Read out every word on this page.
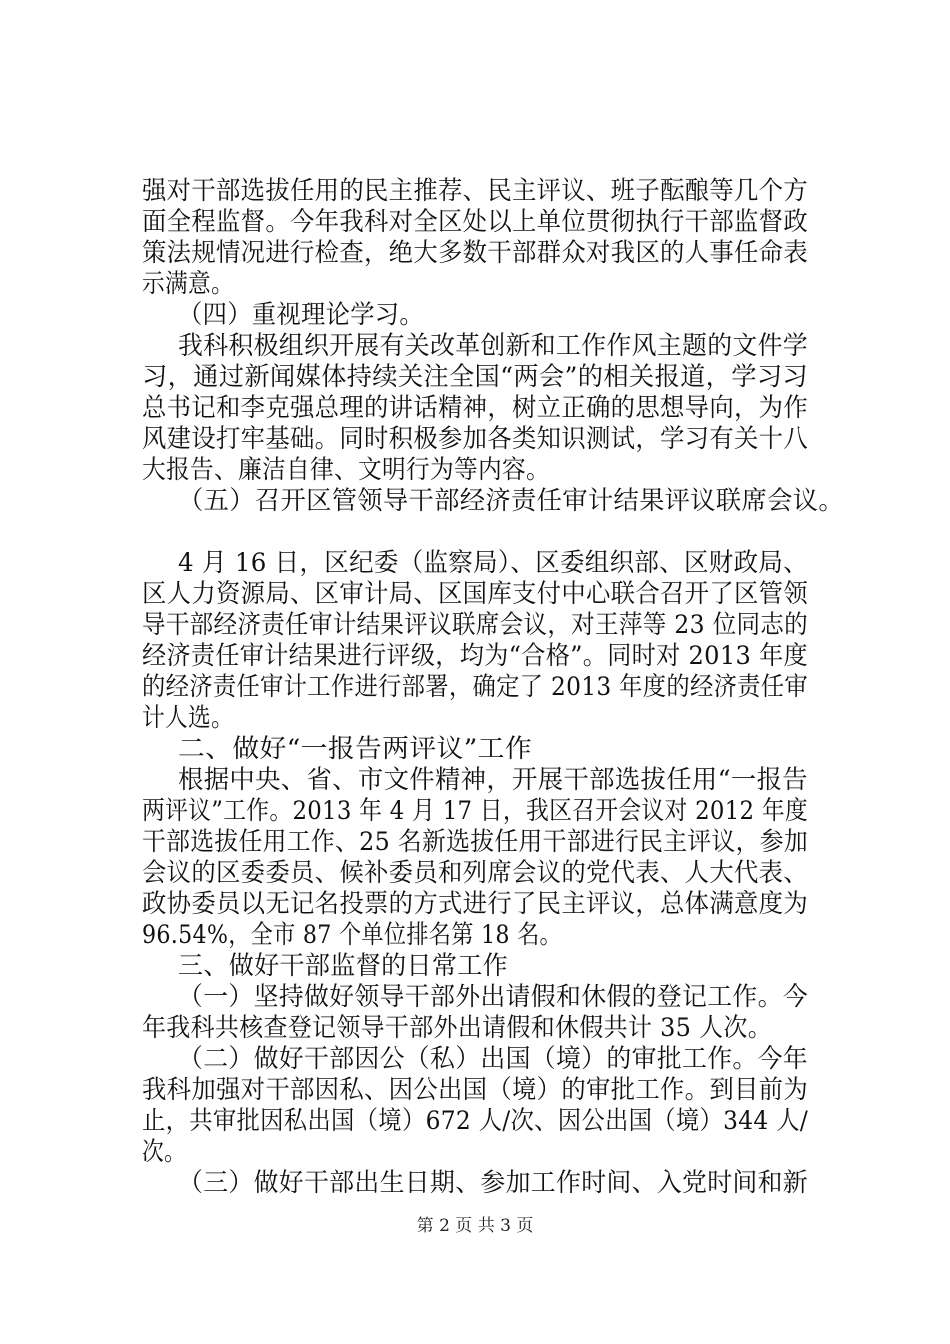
强对干部选拔任用的民主推荐、民主评议、班子酝酿等几个方
面全程监督。今年我科对全区处以上单位贯彻执行干部监督政
策法规情况进行检查，绝大多数干部群众对我区的人事任命表
示满意。
（四）重视理论学习。
我科积极组织开展有关改革创新和工作作风主题的文件学
习，通过新闻媒体持续关注全国“两会”的相关报道，学习习
总书记和李克强总理的讲话精神，树立正确的思想导向，为作
风建设打牢基础。同时积极参加各类知识测试，学习有关十八
大报告、廉洁自律、文明行为等内容。
（五）召开区管领导干部经济责任审计结果评议联席会议。
4 月 16 日，区纪委（监察局）、区委组织部、区财政局、
区人力资源局、区审计局、区国库支付中心联合召开了区管领
导干部经济责任审计结果评议联席会议，对王萍等 23 位同志的
经济责任审计结果进行评级，均为“合格”。同时对 2013 年度
的经济责任审计工作进行部署，确定了 2013 年度的经济责任审
计人选。
二、做好“一报告两评议”工作
根据中央、省、市文件精神，开展干部选拔任用“一报告
两评议”工作。2013 年 4 月 17 日，我区召开会议对 2012 年度
干部选拔任用工作、25 名新选拔任用干部进行民主评议，参加
会议的区委委员、候补委员和列席会议的党代表、人大代表、
政协委员以无记名投票的方式进行了民主评议，总体满意度为
96.54%，全市 87 个单位排名第 18 名。
三、做好干部监督的日常工作
（一）坚持做好领导干部外出请假和休假的登记工作。今
年我科共核查登记领导干部外出请假和休假共计 35 人次。
（二）做好干部因公（私）出国（境）的审批工作。今年
我科加强对干部因私、因公出国（境）的审批工作。到目前为
止，共审批因私出国（境）672 人/次、因公出国（境）344 人/
次。
（三）做好干部出生日期、参加工作时间、入党时间和新
第 2 页 共 3 页
